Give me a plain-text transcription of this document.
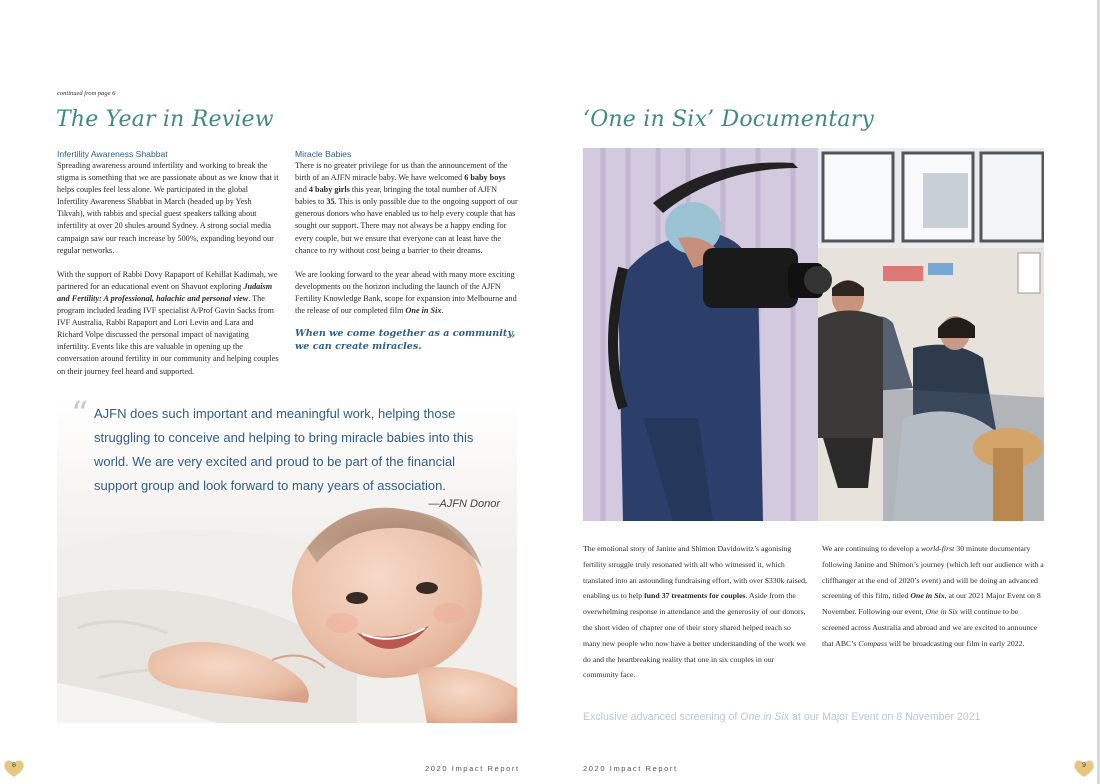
continued from page 6
The Year in Review
Infertility Awareness Shabbat

Spreading awareness around infertility and working to break the stigma is something that we are passionate about as we know that it helps couples feel less alone. We participated in the global Infertility Awareness Shabbat in March (headed up by Yesh Tikvah), with rabbis and special guest speakers talking about infertility at over 20 shules around Sydney. A strong social media campaign saw our reach increase by 500%, expanding beyond our regular networks.

With the support of Rabbi Dovy Rapaport of Kehillat Kadimah, we partnered for an educational event on Shavuot exploring Judaism and Fertility: A professional, halachic and personal view. The program included leading IVF specialist A/Prof Gavin Sacks from IVF Australia, Rabbi Rapaport and Lori Levin and Lara and Richard Volpe discussed the personal impact of navigating infertility. Events like this are valuable in opening up the conversation around fertility in our community and helping couples on their journey feel heard and supported.

Miracle Babies

There is no greater privilege for us than the announcement of the birth of an AJFN miracle baby. We have welcomed 6 baby boys and 4 baby girls this year, bringing the total number of AJFN babies to 35. This is only possible due to the ongoing support of our generous donors who have enabled us to help every couple that has sought our support. There may not always be a happy ending for every couple, but we ensure that everyone can at least have the chance to try without cost being a barrier to their dreams.

We are looking forward to the year ahead with many more exciting developments on the horizon including the launch of the AJFN Fertility Knowledge Bank, scope for expansion into Melbourne and the release of our completed film One in Six.

When we come together as a community,
we can create miracles.
“ AJFN does such important and meaningful work, helping those struggling to conceive and helping to bring miracle babies into this world. We are very excited and proud to be part of the financial support group and look forward to many years of association.
—AJFN Donor
2020 Impact Report
8
‘One in Six’ Documentary
The emotional story of Janine and Shimon Davidowitz’s agonising fertility struggle truly resonated with all who witnessed it, which translated into an astounding fundraising effort, with over $330k raised, enabling us to help fund 37 treatments for couples. Aside from the overwhelming response in attendance and the generosity of our donors, the short video of chapter one of their story shared helped reach so many new people who now have a better understanding of the work we do and the heartbreaking reality that one in six couples in our community face.
We are continuing to develop a world-first 30 minute documentary following Janine and Shimon’s journey (which left our audience with a cliffhanger at the end of 2020’s event) and will be doing an advanced screening of this film, titled One in Six, at our 2021 Major Event on 8 November. Following our event, One in Six will continue to be screened across Australia and abroad and we are excited to announce that ABC’s Compass will be broadcasting our film in early 2022.
Exclusive advanced screening of One in Six at our Major Event on 8 November 2021
2020 Impact Report	9
